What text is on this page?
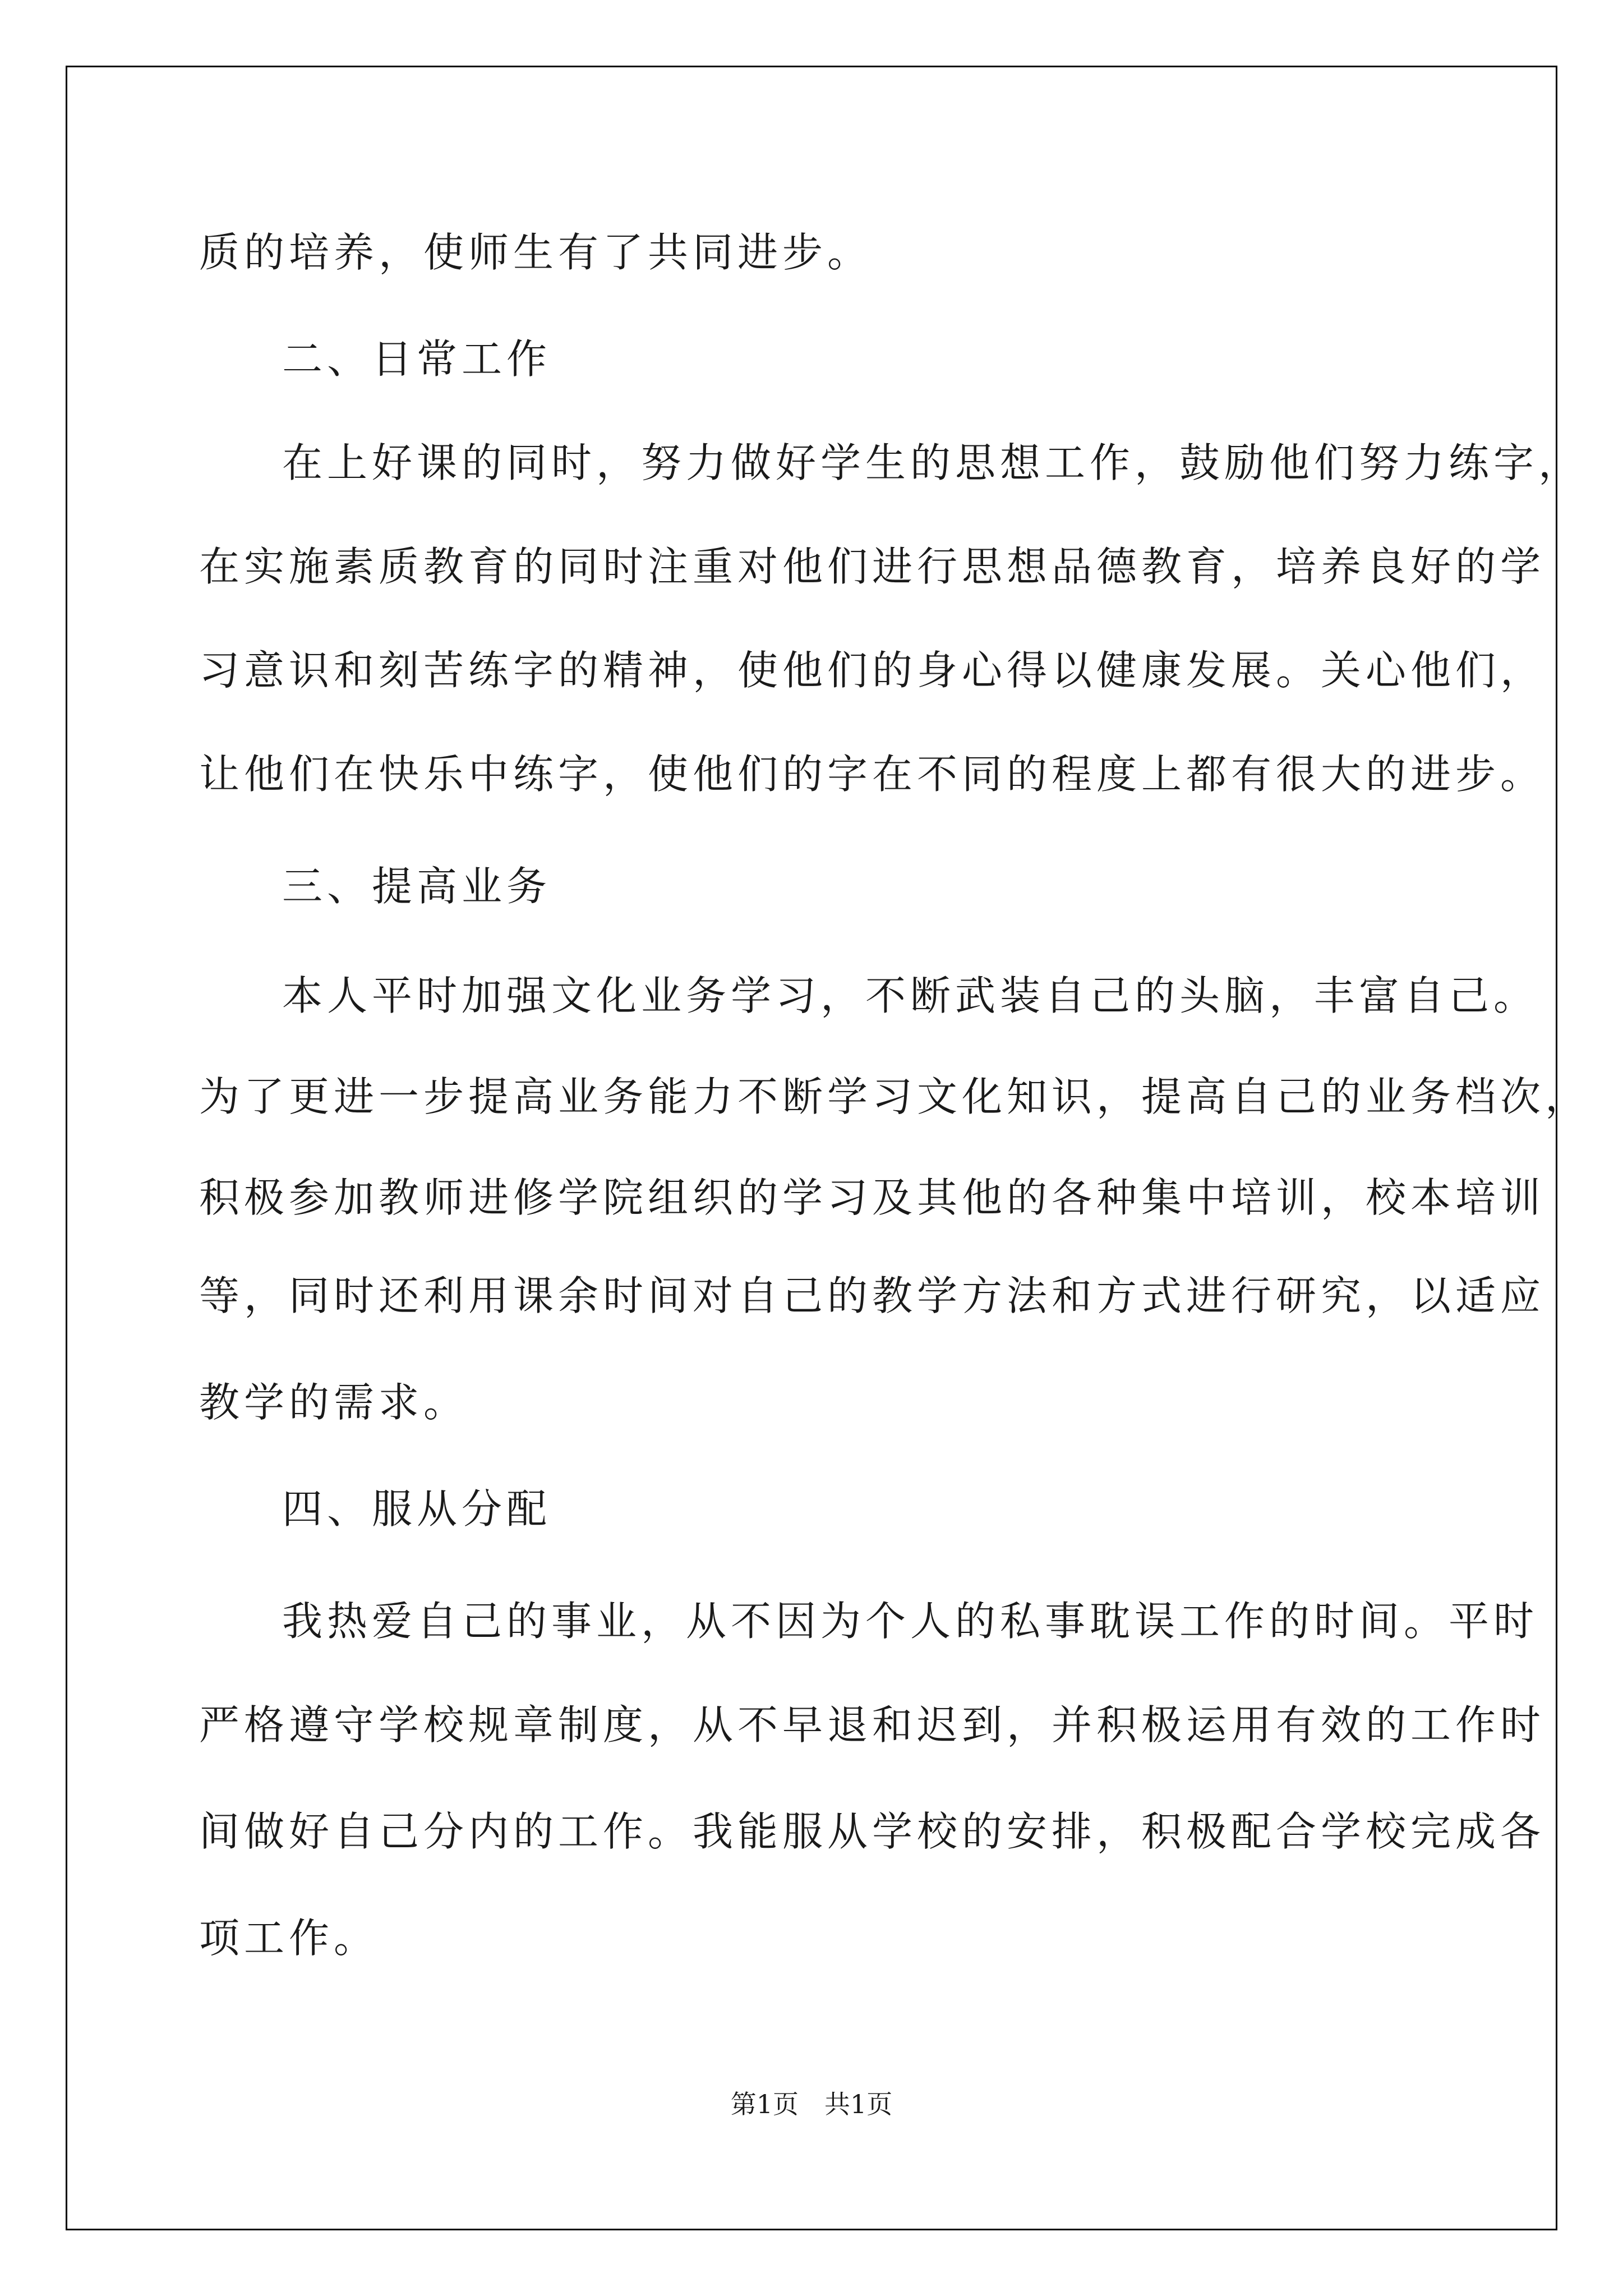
质的培养，使师生有了共同进步。
二、日常工作
在上好课的同时，努力做好学生的思想工作，鼓励他们努力练字，
在实施素质教育的同时注重对他们进行思想品德教育，培养良好的学
习意识和刻苦练字的精神，使他们的身心得以健康发展。关心他们，
让他们在快乐中练字，使他们的字在不同的程度上都有很大的进步。
三、提高业务
本人平时加强文化业务学习，不断武装自己的头脑，丰富自己。
为了更进一步提高业务能力不断学习文化知识，提高自己的业务档次，
积极参加教师进修学院组织的学习及其他的各种集中培训，校本培训
等，同时还利用课余时间对自己的教学方法和方式进行研究，以适应
教学的需求。
四、服从分配
我热爱自己的事业，从不因为个人的私事耽误工作的时间。平时
严格遵守学校规章制度，从不早退和迟到，并积极运用有效的工作时
间做好自己分内的工作。我能服从学校的安排，积极配合学校完成各
项工作。
第1页 共1页
